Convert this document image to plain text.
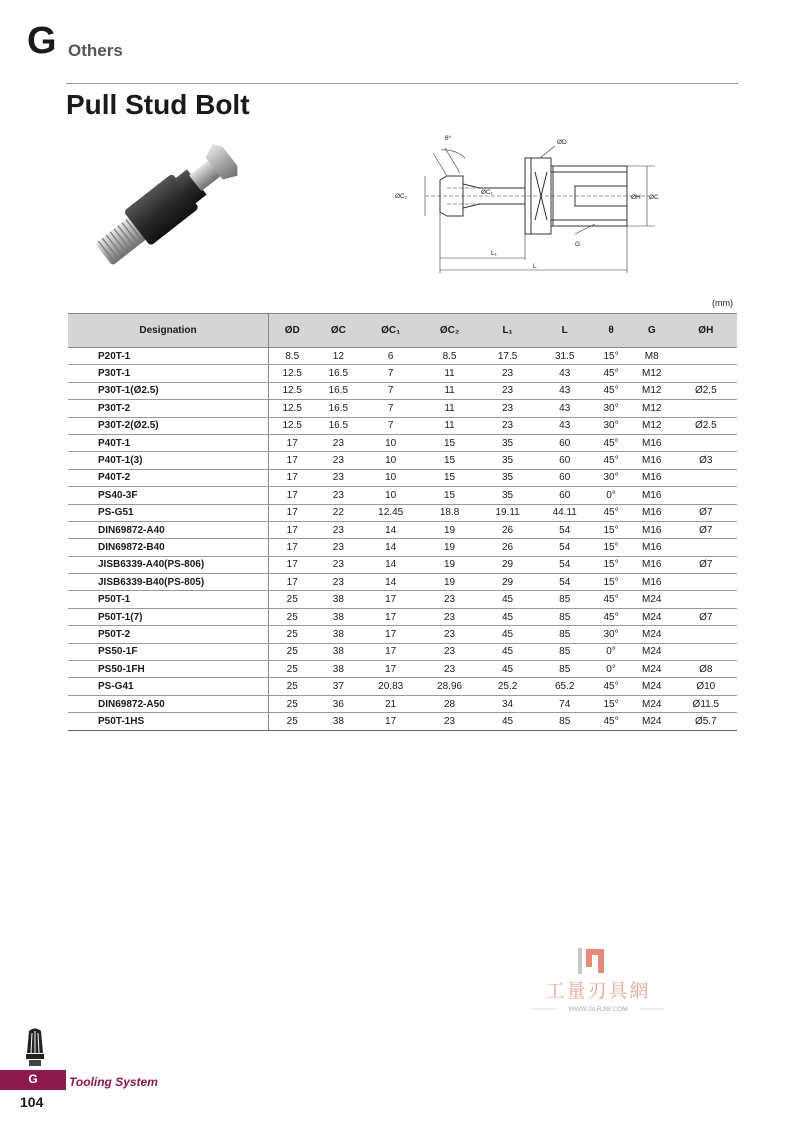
G Others
Pull Stud Bolt
θ°
ØD
ØC₂
ØC₁
ØH ØC
G
L₁
L
(mm)
Designation	ØD	ØC	ØC₁	ØC₂	L₁	L	θ	G	ØH
P20T-1	8.5	12	6	8.5	17.5	31.5	15°	M8	
P30T-1	12.5	16.5	7	11	23	43	45°	M12	
P30T-1(Ø2.5)	12.5	16.5	7	11	23	43	45°	M12	Ø2.5
P30T-2	12.5	16.5	7	11	23	43	30°	M12	
P30T-2(Ø2.5)	12.5	16.5	7	11	23	43	30°	M12	Ø2.5
P40T-1	17	23	10	15	35	60	45°	M16	
P40T-1(3)	17	23	10	15	35	60	45°	M16	Ø3
P40T-2	17	23	10	15	35	60	30°	M16	
PS40-3F	17	23	10	15	35	60	0°	M16	
PS-G51	17	22	12.45	18.8	19.11	44.11	45°	M16	Ø7
DIN69872-A40	17	23	14	19	26	54	15°	M16	Ø7
DIN69872-B40	17	23	14	19	26	54	15°	M16	
JISB6339-A40(PS-806)	17	23	14	19	29	54	15°	M16	Ø7
JISB6339-B40(PS-805)	17	23	14	19	29	54	15°	M16	
P50T-1	25	38	17	23	45	85	45°	M24	
P50T-1(7)	25	38	17	23	45	85	45°	M24	Ø7
P50T-2	25	38	17	23	45	85	30°	M24	
PS50-1F	25	38	17	23	45	85	0°	M24	
PS50-1FH	25	38	17	23	45	85	0°	M24	Ø8
PS-G41	25	37	20.83	28.96	25.2	65.2	45°	M24	Ø10
DIN69872-A50	25	36	21	28	34	74	15°	M24	Ø11.5
P50T-1HS	25	38	17	23	45	85	45°	M24	Ø5.7
工量刃具網
WWW.GLRJW.COM
G	Tooling System
104
